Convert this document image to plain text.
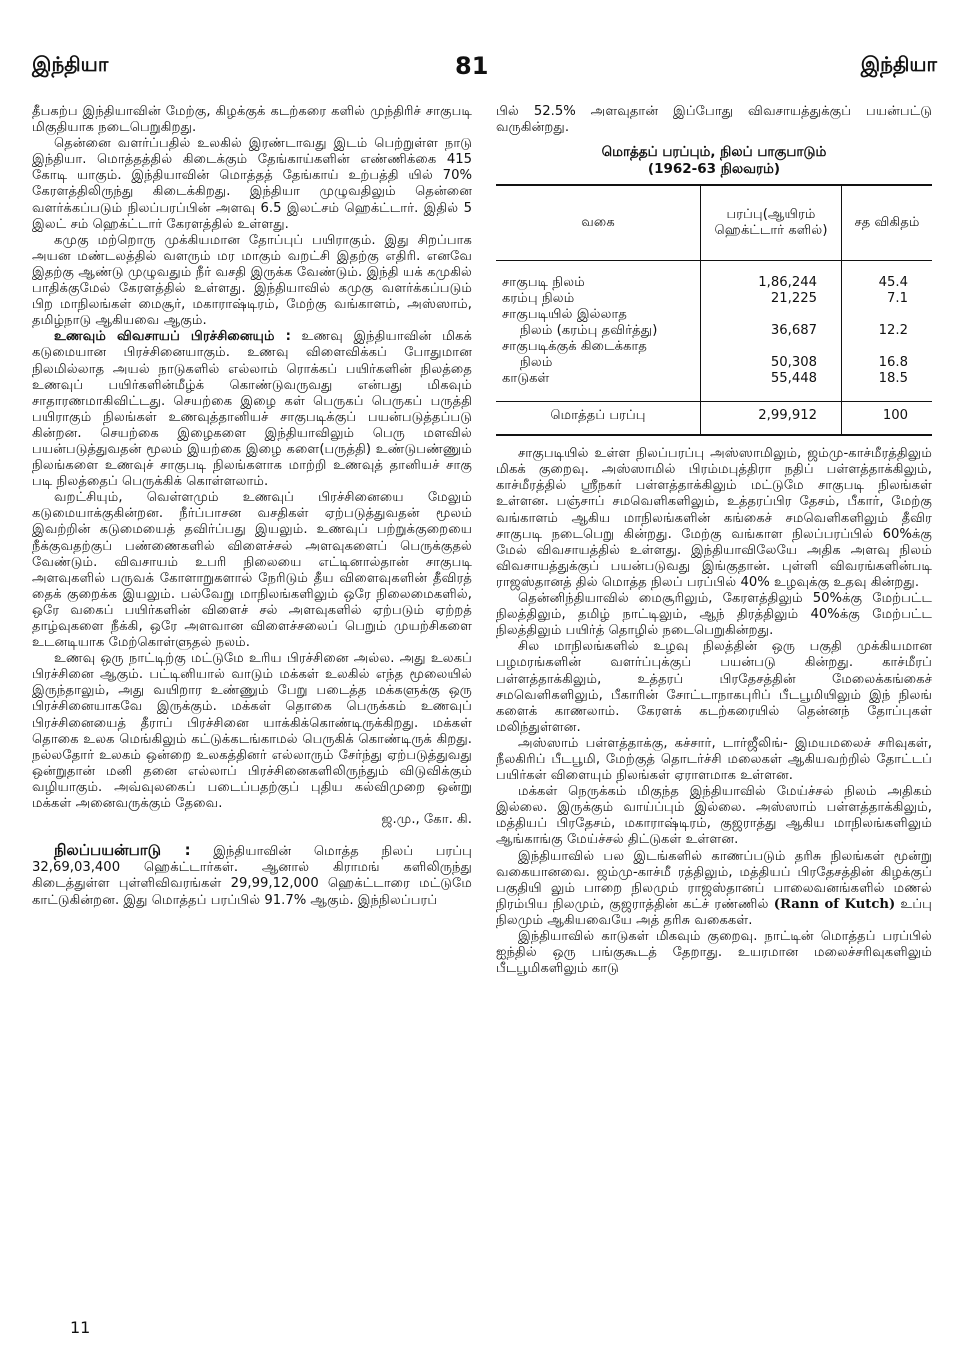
இந்தியா	81	இந்தியா

தீபகற்ப இந்தியாவின் மேற்கு, கிழக்குக் கடற்கரை களில் முந்திரிச் சாகுபடி மிகுதியாக நடைபெறுகிறது.

தென்னை வளர்ப்பதில் உலகில் இரண்டாவது இடம் பெற்றுள்ள நாடு இந்தியா. மொத்தத்தில் கிடைக்கும் தேங்காய்களின் எண்ணிக்கை 415 கோடி யாகும். இந்தியாவின் மொத்தத் தேங்காய் உற்பத்தி யில் 70% கேரளத்திலிருந்து கிடைக்கிறது. இந்தியா முழுவதிலும் தென்னை வளர்க்கப்படும் நிலப்பரப்பின் அளவு 6.5 இலட்சம் ஹெக்ட்டார். இதில் 5 இலட் சம் ஹெக்ட்டார் கேரளத்தில் உள்ளது.

கமுகு மற்றொரு முக்கியமான தோப்புப் பயிராகும். இது சிறப்பாக அயன மண்டலத்தில் வளரும் மர மாகும் வறட்சி இதற்கு எதிரி. எனவே இதற்கு ஆண்டு முழுவதும் நீர் வசதி இருக்க வேண்டும். இந்தி யக் கமுகில் பாதிக்குமேல் கேரளத்தில் உள்ளது. இந்தியாவில் கமுகு வளர்க்கப்படும் பிற மாநிலங்கள் மைசூர், மகாராஷ்டிரம், மேற்கு வங்காளம், அஸ்ஸாம், தமிழ்நாடு ஆகியவை ஆகும்.

உணவும் விவசாயப் பிரச்சினையும் : உணவு இந்தியாவின் மிகக் கடுமையான பிரச்சினையாகும். உணவு விளைவிக்கப் போதுமான நிலமில்லாத அயல் நாடுகளில் எல்லாம் ரொக்கப் பயிர்களின் நிலத்தை உணவுப் பயிர்களின்மீழ்க் கொண்டுவருவது என்பது மிகவும் சாதாரணமாகிவிட்டது. செயற்கை இழை கள் பெருகப் பெருகப் பருத்தி பயிராகும் நிலங்கள் உணவுத்தானியச் சாகுபடிக்குப் பயன்படுத்தப்படு கின்றன. செயற்கை இழைகளை இந்தியாவிலும் பெரு மளவில் பயன்படுத்துவதன் மூலம் இயற்கை இழை களை(பருத்தி) உண்டுபண்ணும் நிலங்களை உணவுச் சாகுபடி நிலங்களாக மாற்றி உணவுத் தானியச் சாகு படி நிலத்தைப் பெருக்கிக் கொள்ளலாம்.

வறட்சியும், வெள்ளமும் உணவுப் பிரச்சினையை மேலும் கடுமையாக்குகின்றன. நீர்ப்பாசன வசதிகள் ஏற்படுத்துவதன் மூலம் இவற்றின் கடுமையைத் தவிர்ப்பது இயலும். உணவுப் பற்றுக்குறையை நீக்குவதற்குப் பண்ணைகளில் விளைச்சல் அளவுகளைப் பெருக்குதல் வேண்டும். விவசாயம் உபரி நிலையை எட்டினால்தான் சாகுபடி அளவுகளில் பருவக் கோளாறுகளால் நேரிடும் தீய விளைவுகளின் தீவிரத் தைக் குறைக்க இயலும். பல்வேறு மாநிலங்களிலும் ஒரே நிலைமைகளில், ஒரே வகைப் பயிர்களின் விளைச் சல் அளவுகளில் ஏற்படும் ஏற்றத் தாழ்வுகளை நீக்கி, ஒரே அளவான விளைச்சலைப் பெறும் முயற்சிகளை உடனடியாக மேற்கொள்ளுதல் நலம்.

உணவு ஒரு நாட்டிற்கு மட்டுமே உரிய பிரச்சினை அல்ல. அது உலகப் பிரச்சினை ஆகும். பட்டினியால் வாடும் மக்கள் உலகில் எந்த மூலையில் இருந்தாலும், அது வயிறார உண்ணும் பேறு படைத்த மக்களுக்கு ஒரு பிரச்சினையாகவே இருக்கும். மக்கள் தொகை பெருக்கம் உணவுப் பிரச்சினையைத் தீராப் பிரச்சினை யாக்கிக்கொண்டிருக்கிறது. மக்கள் தொகை உலக மெங்கிலும் கட்டுக்கடங்காமல் பெருகிக் கொண்டிருக் கிறது. நல்லதோர் உலகம் ஒன்றை உலகத்தினர் எல்லாரும் சேர்ந்து ஏற்படுத்துவது ஒன்றுதான் மனி தனை எல்லாப் பிரச்சினைகளிலிருந்தும் விடுவிக்கும் வழியாகும். அவ்வுலகைப் படைப்பதற்குப் புதிய கல்விமுறை ஒன்று மக்கள் அனைவருக்கும் தேவை.

ஜ.மு., கோ. கி.

நிலப்பயன்பாடு : இந்தியாவின் மொத்த நிலப் பரப்பு 32,69,03,400 ஹெக்ட்டார்கள். ஆனால் கிராமங் களிலிருந்து கிடைத்துள்ள புள்ளிவிவரங்கள் 29,99,12,000 ஹெக்ட்டாரை மட்டுமே காட்டுகின்றன. இது மொத்தப் பரப்பில் 91.7% ஆகும். இந்நிலப்பரப்

பில் 52.5% அளவுதான் இப்போது விவசாயத்துக்குப் பயன்பட்டு வருகின்றது.

மொத்தப் பரப்பும், நிலப் பாகுபாடும்
(1962-63 நிலவரம்)
வகை	பரப்பு(ஆயிரம் ஹெக்ட்டார் களில்)	சத விகிதம்
சாகுபடி நிலம்	1,86,244	45.4
கரம்பு நிலம்	21,225	7.1
சாகுபடியில் இல்லாத		
நிலம் (கரம்பு தவிர்த்து)	36,687	12.2
சாகுபடிக்குக் கிடைக்காத		
நிலம்	50,308	16.8
காடுகள்	55,448	18.5

மொத்தப் பரப்பு	2,99,912	100

சாகுபடியில் உள்ள நிலப்பரப்பு அஸ்ஸாமிலும், ஜம்மு-காச்மீரத்திலும் மிகக் குறைவு. அஸ்ஸாமில் பிரம்மபுத்திரா நதிப் பள்ளத்தாக்கிலும், காச்மீரத்தில் ஸ்ரீநகர் பள்ளத்தாக்கிலும் மட்டுமே சாகுபடி நிலங்கள் உள்ளன. பஞ்சாப் சமவெளிகளிலும், உத்தரப்பிர தேசம், பீகார், மேற்கு வங்காளம் ஆகிய மாநிலங்களின் கங்கைச் சமவெளிகளிலும் தீவிர சாகுபடி நடைபெறு கின்றது. மேற்கு வங்காள நிலப்பரப்பில் 60%க்கு மேல் விவசாயத்தில் உள்ளது. இந்தியாவிலேயே அதிக அளவு நிலம் விவசாயத்துக்குப் பயன்படுவது இங்குதான். புள்ளி விவரங்களின்படி ராஜஸ்தானத் தில் மொத்த நிலப் பரப்பில் 40% உழவுக்கு உதவு கின்றது.

தென்னிந்தியாவில் மைசூரிலும், கேரளத்திலும் 50%க்கு மேற்பட்ட நிலத்திலும், தமிழ் நாட்டிலும், ஆந் திரத்திலும் 40%க்கு மேற்பட்ட நிலத்திலும் பயிர்த் தொழில் நடைபெறுகின்றது.

சில மாநிலங்களில் உழவு நிலத்தின் ஒரு பகுதி முக்கியமான பழமரங்களின் வளர்ப்புக்குப் பயன்படு கின்றது. காச்மீரப் பள்ளத்தாக்கிலும், உத்தரப் பிரதேசத்தின் மேலைக்கங்கைச் சமவெளிகளிலும், பீகாரின் சோட்டாநாகபுரிப் பீடபூமியிலும் இந் நிலங் களைக் காணலாம். கேரளக் கடற்கரையில் தென்னந் தோப்புகள் மலிந்துள்ளன.

அஸ்ஸாம் பள்ளத்தாக்கு, கச்சார், டார்ஜீலிங்- இமயமலைச் சரிவுகள், நீலகிரிப் பீடபூமி, மேற்குத் தொடர்ச்சி மலைகள் ஆகியவற்றில் தோட்டப் பயிர்கள் விளையும் நிலங்கள் ஏராளமாக உள்ளன.

மக்கள் நெருக்கம் மிகுந்த இந்தியாவில் மேய்ச்சல் நிலம் அதிகம் இல்லை. இருக்கும் வாய்ப்பும் இல்லை. அஸ்ஸாம் பள்ளத்தாக்கிலும், மத்தியப் பிரதேசம், மகாராஷ்டிரம், குஜராத்து ஆகிய மாநிலங்களிலும் ஆங்காங்கு மேய்ச்சல் திட்டுகள் உள்ளன.

இந்தியாவில் பல இடங்களில் காணப்படும் தரிசு நிலங்கள் மூன்று வகையானவை. ஜம்மு-காச்மீ ரத்திலும், மத்தியப் பிரதேசத்தின் கிழக்குப் பகுதியி லும் பாறை நிலமும் ராஜஸ்தானப் பாலைவனங்களில் மணல் நிரம்பிய நிலமும், குஜராத்தின் கட்ச் ரண்ணில் (Rann of Kutch) உப்பு நிலமும் ஆகியவையே அத் தரிசு வகைகள்.

இந்தியாவில் காடுகள் மிகவும் குறைவு. நாட்டின் மொத்தப் பரப்பில் ஐந்தில் ஒரு பங்குகூடத் தேறாது. உயரமான மலைச்சரிவுகளிலும் பீடபூமிகளிலும் காடு

11
